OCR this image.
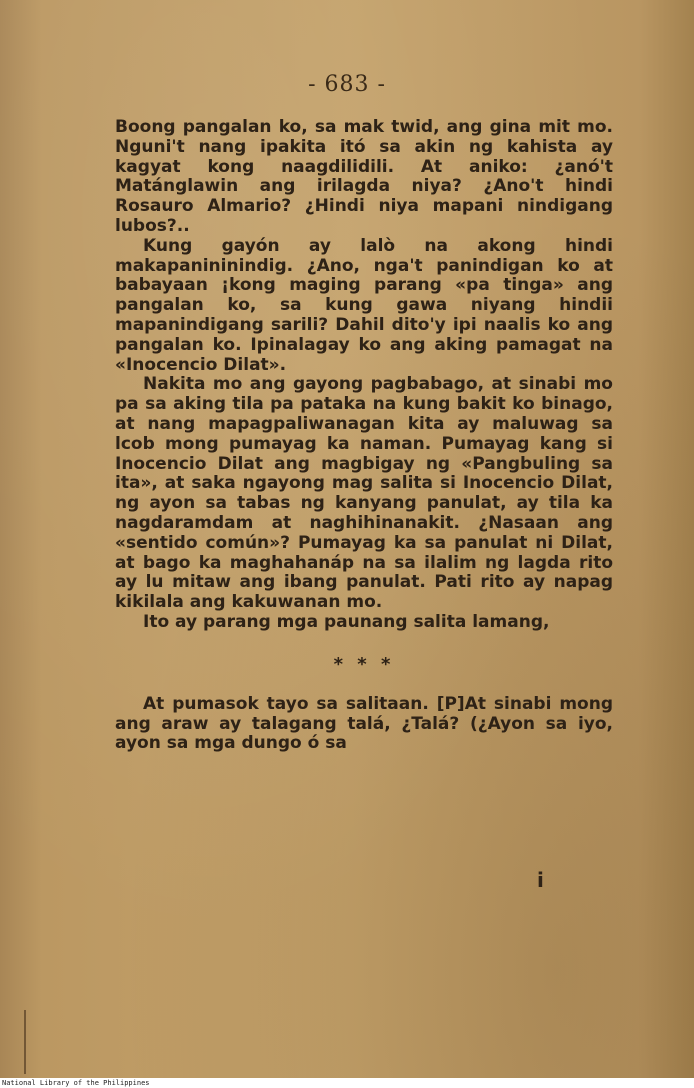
- 683 -

Boong pangalan ko, sa mak twid, ang gina mit mo. Nguni't nang ipakita itó sa akin ng kahista ay kagyat kong naagdilidili. At aniko: ¿anó't Matánglawin ang irilagda niya? ¿Ano't hindi Rosauro Almario? ¿Hindi niya mapani nindigang lubos?..

Kung gayón ay lalò na akong hindi makapanininindig. ¿Ano, nga't panindigan ko at babayaan ¡kong maging parang «pa tinga» ang pangalan ko, sa kung gawa niyang hindii mapanindigang sarili? Dahil dito'y ipi naalis ko ang pangalan ko. Ipinalagay ko ang aking pamagat na «Inocencio Dilat».

Nakita mo ang gayong pagbabago, at sinabi mo pa sa aking tila pa pataka na kung bakit ko binago, at nang mapagpaliwanagan kita ay maluwag sa lcob mong pumayag ka naman. Pumayag kang si Inocencio Dilat ang magbigay ng «Pangbuling sa ita», at saka ngayong mag salita si Inocencio Dilat, ng ayon sa tabas ng kanyang panulat, ay tila ka nagdaramdam at naghihinanakit. ¿Nasaan ang «sentido común»? Pumayag ka sa panulat ni Dilat, at bago ka maghahanáp na sa ilalim ng lagda rito ay lu mitaw ang ibang panulat. Pati rito ay napag kikilala ang kakuwanan mo.

Ito ay parang mga paunang salita lamang,

* * *

At pumasok tayo sa salitaan. [P]At sinabi mong ang araw ay talagang talá, ¿Talá? (¿Ayon sa iyo, ayon sa mga dungo ó sa

i
National Library of the Philippines
